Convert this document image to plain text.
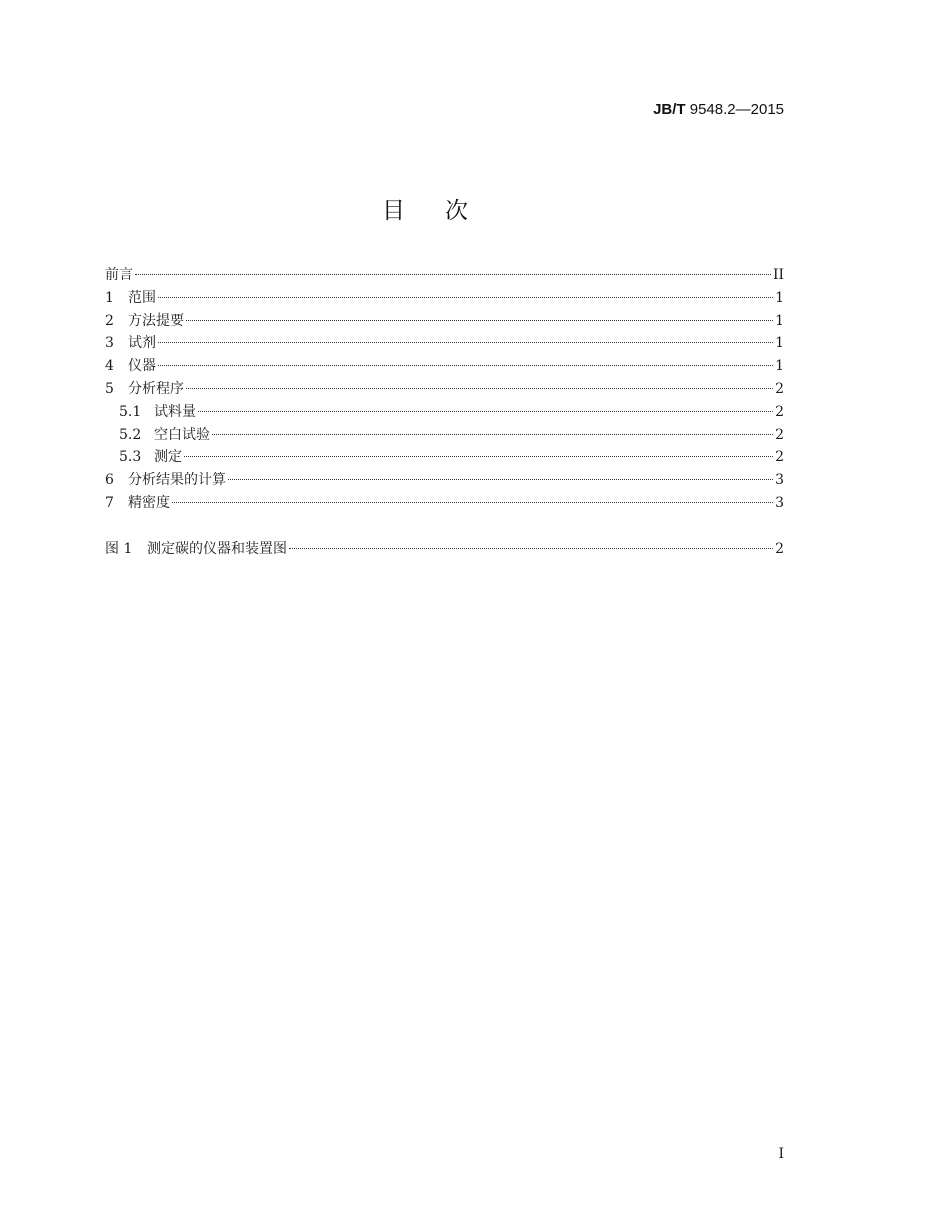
JB/T 9548.2—2015
目次
前言	II
1	范围	1
2	方法提要	1
3	试剂	1
4	仪器	1
5	分析程序	2
5.1 试料量	2
5.2 空白试验	2
5.3 测定	2
6	分析结果的计算	3
7	精密度	3
图 1	测定碳的仪器和装置图	2
I
